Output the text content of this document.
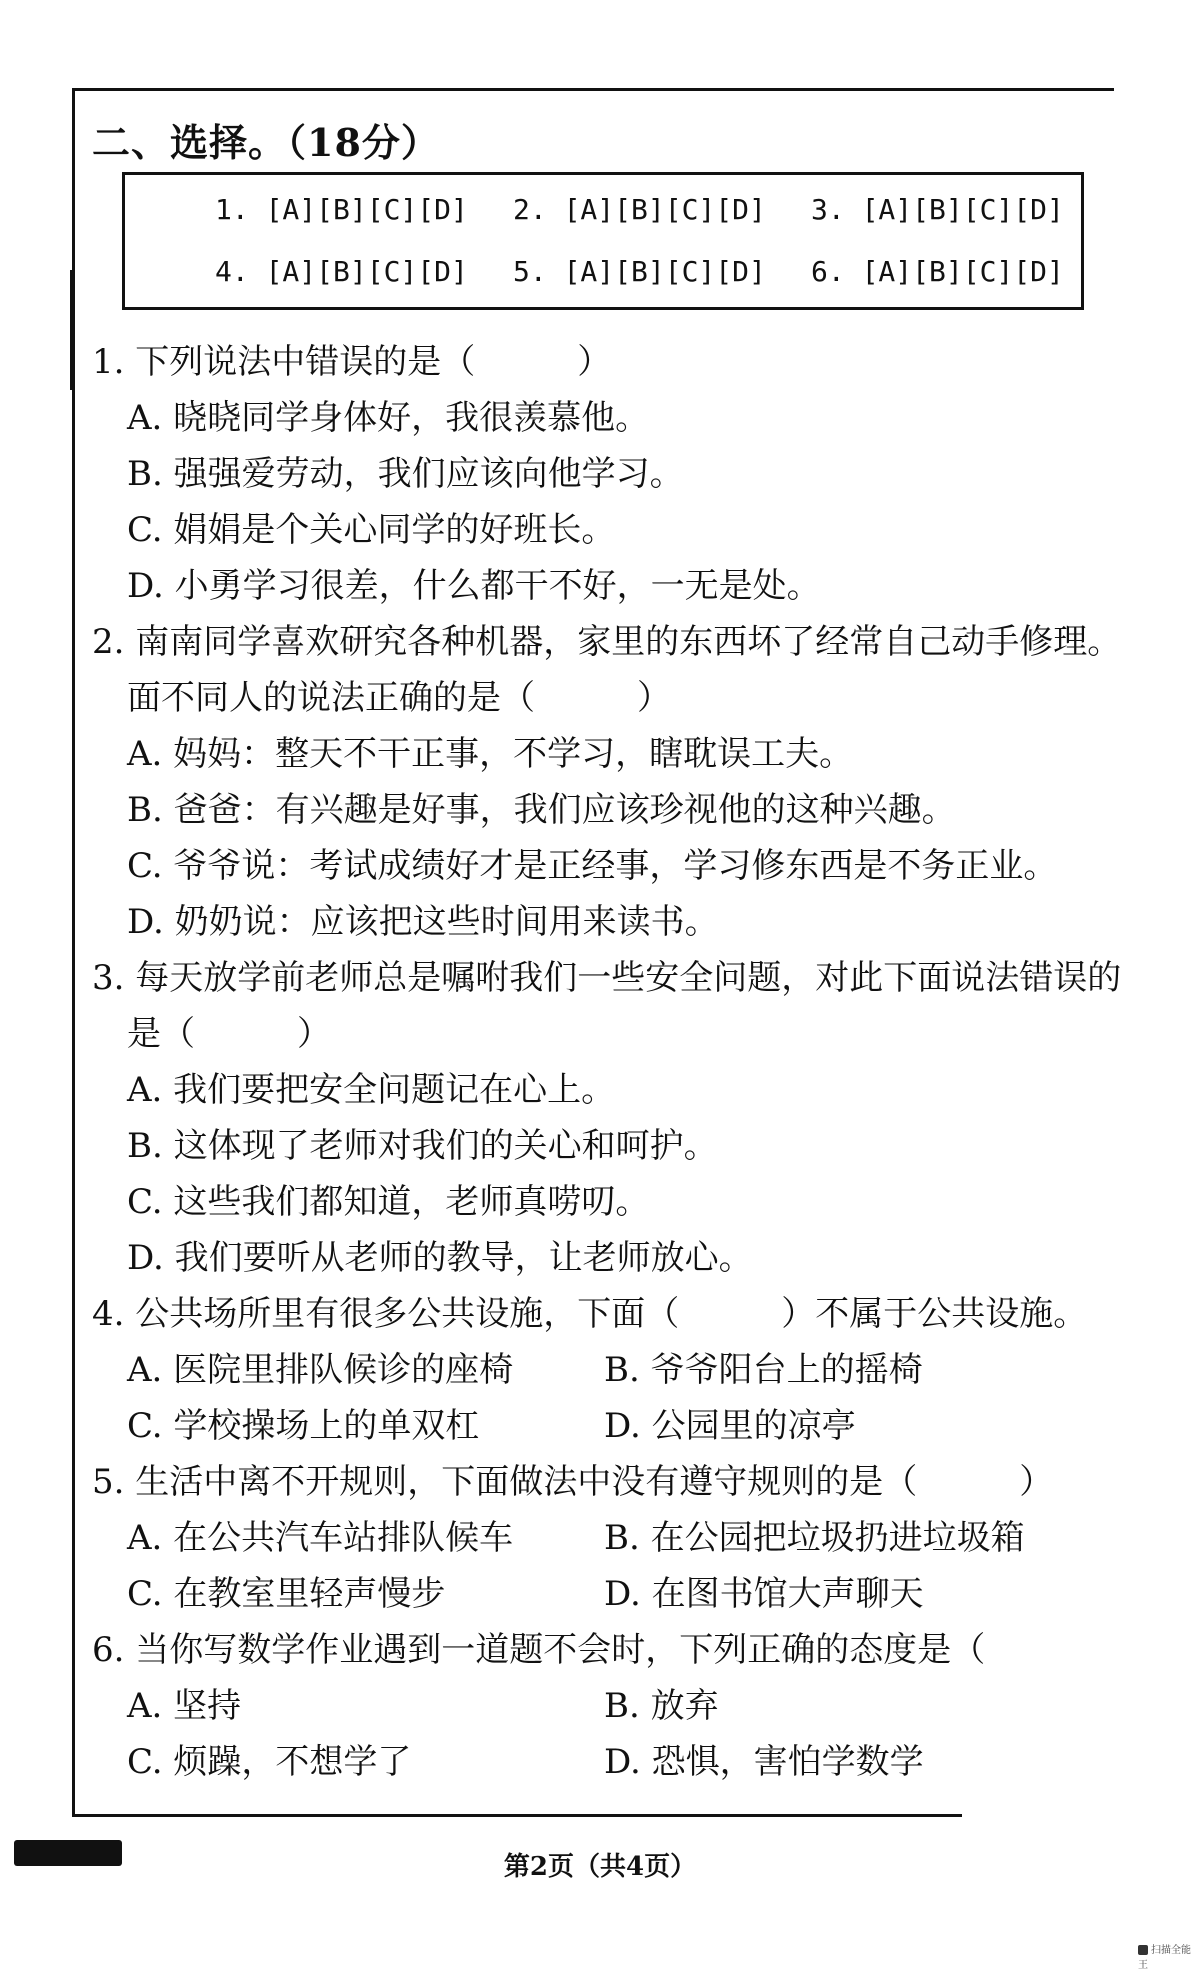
二、选择。（18分）
1. [A][B][C][D] 2. [A][B][C][D] 3. [A][B][C][D]
4. [A][B][C][D] 5. [A][B][C][D] 6. [A][B][C][D]
1. 下列说法中错误的是（　　　）
A. 晓晓同学身体好，我很羡慕他。
B. 强强爱劳动，我们应该向他学习。
C. 娟娟是个关心同学的好班长。
D. 小勇学习很差，什么都干不好，一无是处。
2. 南南同学喜欢研究各种机器，家里的东西坏了经常自己动手修理。
面不同人的说法正确的是（　　　）
A. 妈妈：整天不干正事，不学习，瞎耽误工夫。
B. 爸爸：有兴趣是好事，我们应该珍视他的这种兴趣。
C. 爷爷说：考试成绩好才是正经事，学习修东西是不务正业。
D. 奶奶说：应该把这些时间用来读书。
3. 每天放学前老师总是嘱咐我们一些安全问题，对此下面说法错误的
是（　　　）
A. 我们要把安全问题记在心上。
B. 这体现了老师对我们的关心和呵护。
C. 这些我们都知道，老师真唠叨。
D. 我们要听从老师的教导，让老师放心。
4. 公共场所里有很多公共设施，下面（　　　）不属于公共设施。
A. 医院里排队候诊的座椅	B. 爷爷阳台上的摇椅
C. 学校操场上的单双杠	D. 公园里的凉亭
5. 生活中离不开规则，下面做法中没有遵守规则的是（　　　）
A. 在公共汽车站排队候车	B. 在公园把垃圾扔进垃圾箱
C. 在教室里轻声慢步	D. 在图书馆大声聊天
6. 当你写数学作业遇到一道题不会时，下列正确的态度是（
A. 坚持	B. 放弃
C. 烦躁，不想学了	D. 恐惧，害怕学数学
第2页（共4页）
扫描全能王
